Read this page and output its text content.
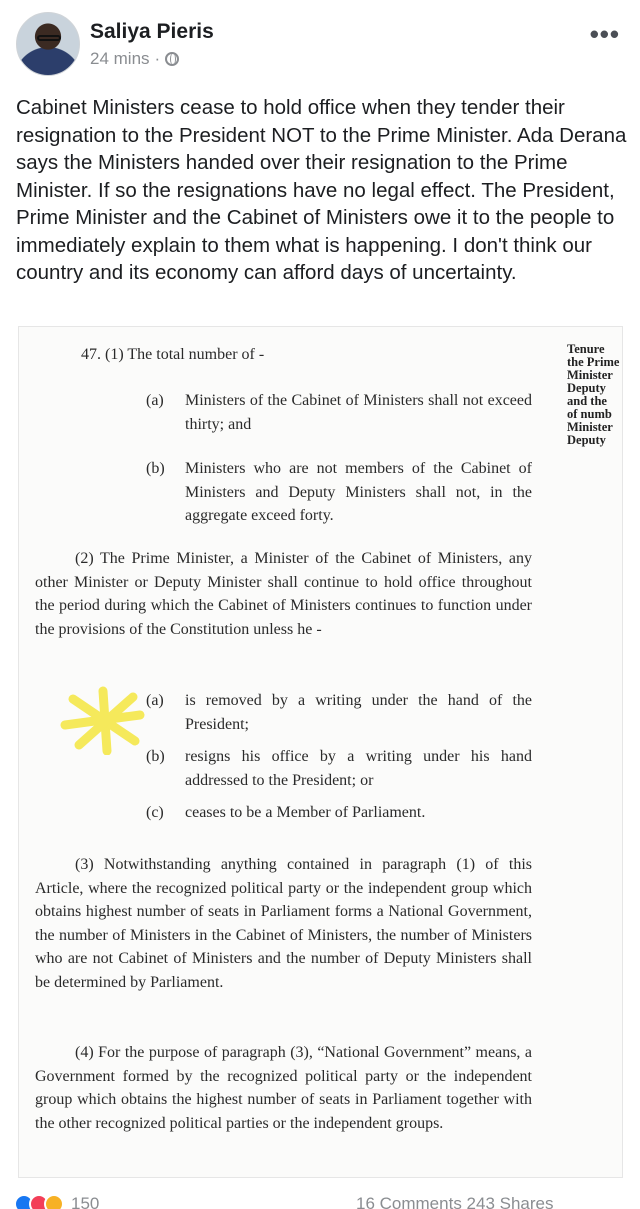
Saliya Pieris
24 mins ·
•••
Cabinet Ministers cease to hold office when they tender their resignation to the President NOT to the Prime Minister. Ada Derana says the Ministers handed over their resignation to the Prime Minister. If so the resignations have no legal effect. The President, Prime Minister and the Cabinet of Ministers owe it to the people to immediately explain to them what is happening. I don't think our country and its economy can afford days of uncertainty.
Tenure
the Prime
Minister
Deputy
and the
of numb
Minister
Deputy
47. (1) The total number of -
(a) Ministers of the Cabinet of Ministers shall not exceed thirty; and
(b) Ministers who are not members of the Cabinet of Ministers and Deputy Ministers shall not, in the aggregate exceed forty.
(2) The Prime Minister, a Minister of the Cabinet of Ministers, any other Minister or Deputy Minister shall continue to hold office throughout the period during which the Cabinet of Ministers continues to function under the provisions of the Constitution unless he -
(a) is removed by a writing under the hand of the President;
(b) resigns his office by a writing under his hand addressed to the President; or
(c) ceases to be a Member of Parliament.
(3) Notwithstanding anything contained in paragraph (1) of this Article, where the recognized political party or the independent group which obtains highest number of seats in Parliament forms a National Government, the number of Ministers in the Cabinet of Ministers, the number of Ministers who are not Cabinet of Ministers and the number of Deputy Ministers shall be determined by Parliament.
(4) For the purpose of paragraph (3), “National Government” means, a Government formed by the recognized political party or the independent group which obtains the highest number of seats in Parliament together with the other recognized political parties or the independent groups.
150	16 Comments 243 Shares
